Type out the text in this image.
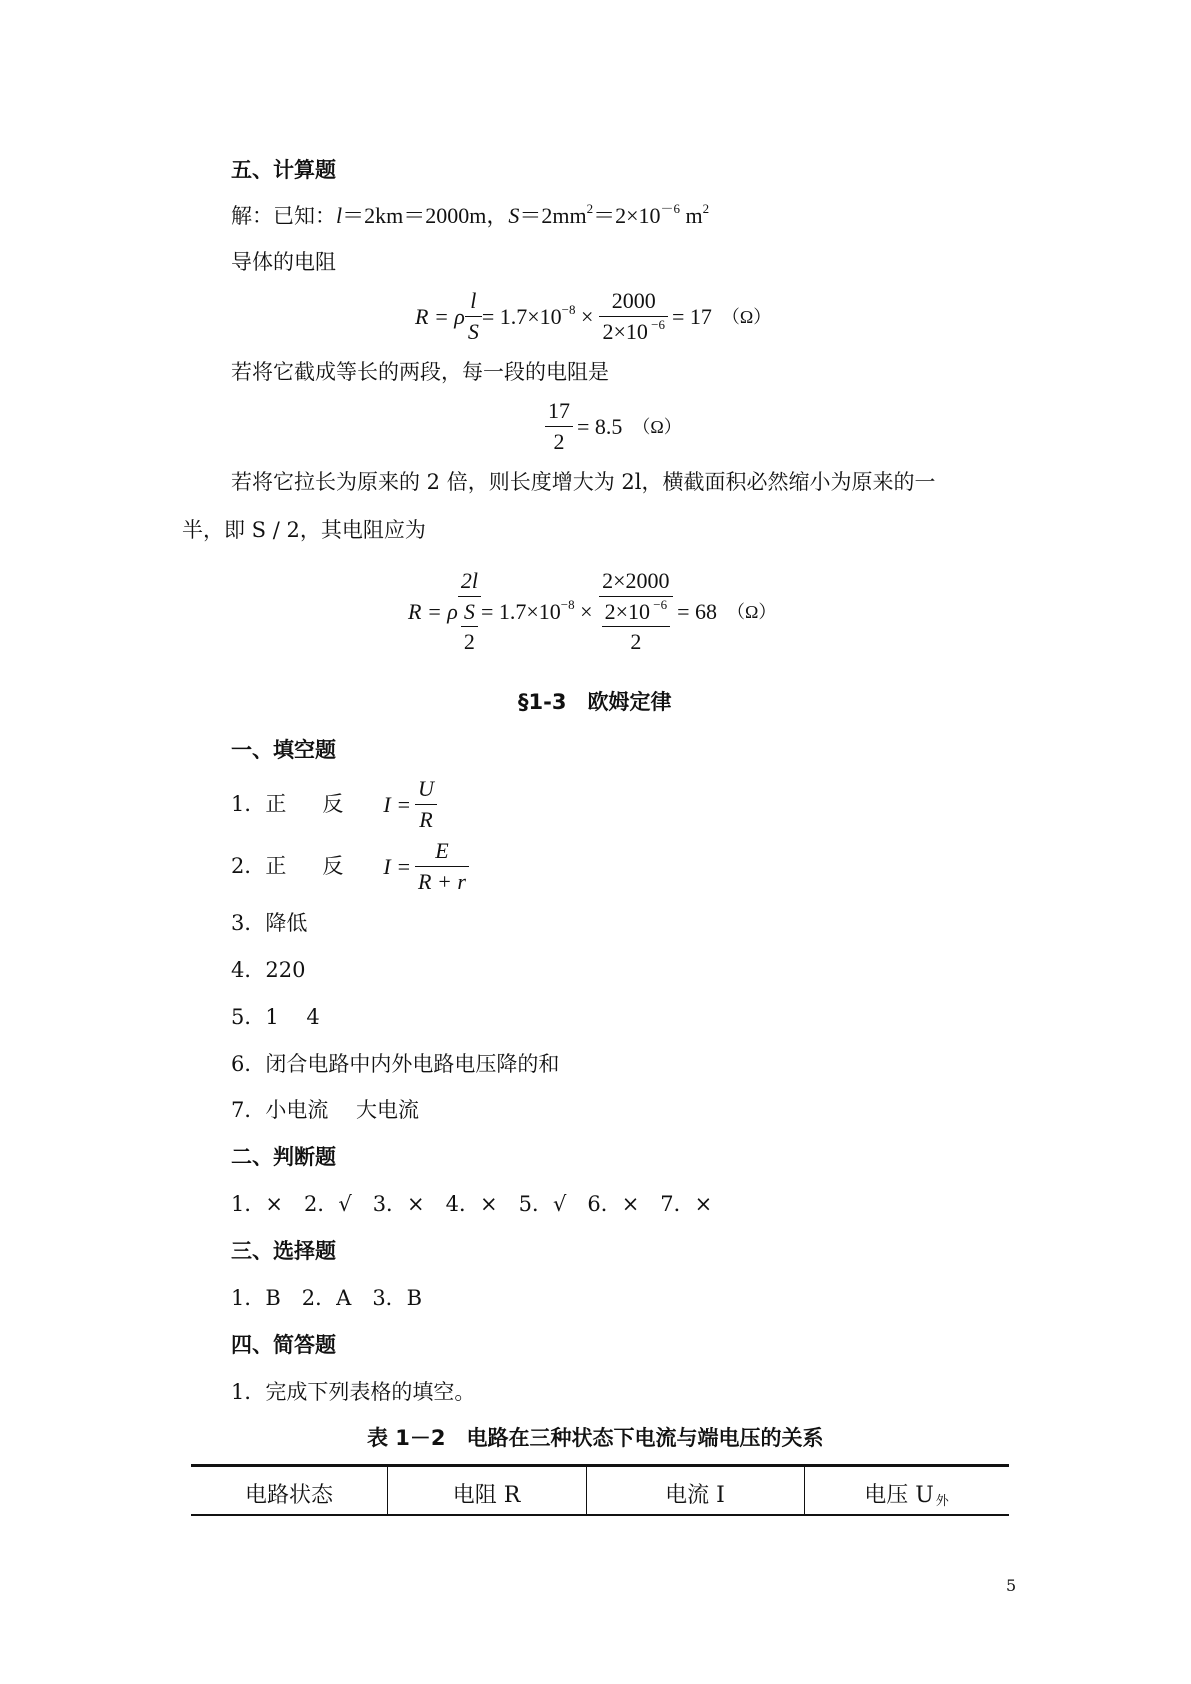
五、计算题
解：已知： l ＝2km＝2000m， $S =2mm^2=2\times 10^{-6}$ $m^2$
导体的电阻
R = ρ $\frac{l}{S} = 1.7\times 10^{-8} \times \frac{2000}{2\times 10 ^{-6}} = 17$ （Ω）
若将它截成等长的两段，每一段的电阻是
$\frac{17}{2} = 8.5$ （Ω）
若将它拉长为原来的 2 倍，则长度增大为 2l，横截面积必然缩小为原来的一
半，即 S / 2，其电阻应为
R = ρ $\frac{2l}{\frac{S}{2}} = 1.7\times 10^{-8} \times \frac{2\times 2000}{\frac{2\times 10 ^{-6}}{2}} = 68$ （Ω）
§1-3　欧姆定律
一、填空题
1．正 反 $I = \frac{U}{R}$
2．正 反 $I = \frac{E}{R + r}$
3．降低
4．220
5．1　 4
6．闭合电路中内外电路电压降的和
7．小电流　 大电流
二、判断题
1．×　2．√　3．×　4．×　5．√　6．×　7．×
三、选择题
1．B　2．A　3．B
四、简答题
1．完成下列表格的填空。
表 1－2　电路在三种状态下电流与端电压的关系
电路状态	电阻 R	电流 I	电压 U 外
5
